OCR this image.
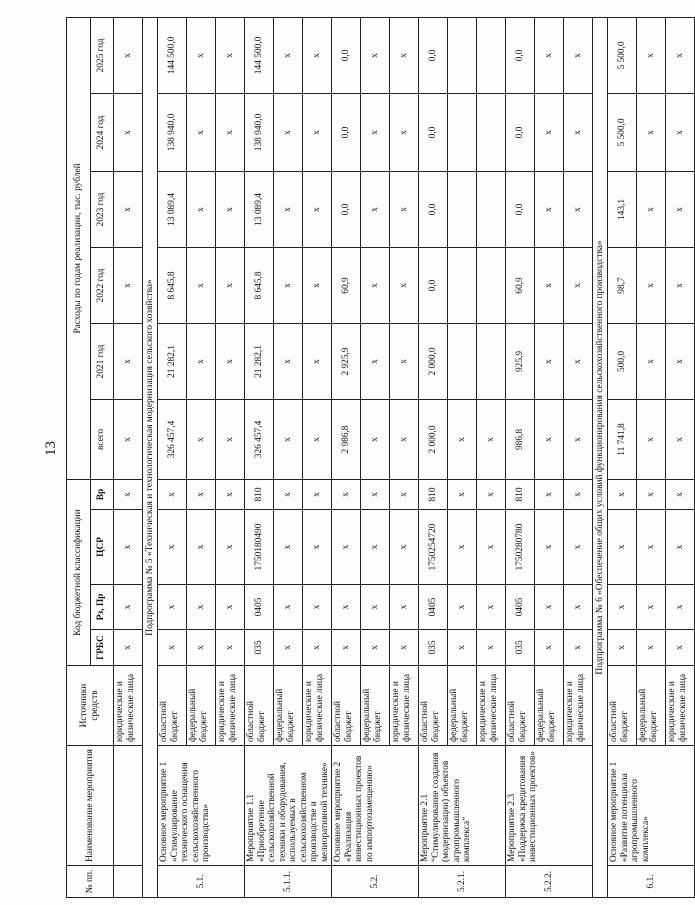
13
№ пп.	Наименование мероприятия	Источники средств	Код бюджетной классификации				Расходы по годам реализации, тыс. рублей					
			ГРБС	Рз, Пр	ЦСР	Вр	всего	2021 год	2022 год	2023 год	2024 год	2025 год
		юридические и физические лица	x	x	x	x	x	x	x	x	x	x
Подпрограмма № 5 «Техническая и технологическая модернизация сельского хозяйства»												
5.1.	Основное мероприятие 1 «Стимулирование технического оснащения сельскохозяйственного производства»	областной бюджет	x	x	x	x	326 457,4	21 282,1	8 645,8	13 089,4	138 940,0	144 500,0
		федеральный бюджет	x	x	x	x	x	x	x	x	x	x
		юридические и физические лица	x	x	x	x	x	x	x	x	x	x
5.1.1.	Мероприятие 1.1 «Приобретение сельскохозяйственной техники и оборудования, используемых в сельскохозяйственном производстве и мелиоративной технике»	областной бюджет	035	0405	1750180490	810	326 457,4	21 282,1	8 645,8	13 089,4	138 940,0	144 500,0
		федеральный бюджет	x	x	x	x	x	x	x	x	x	x
		юридические и физические лица	x	x	x	x	x	x	x	x	x	x
5.2.	Основное мероприятие 2 «Реализация инвестиционных проектов по импортозамещению»	областной бюджет	x	x	x	x	2 986,8	2 925,9	60,9	0,0	0,0	0,0
		федеральный бюджет	x	x	x	x	x	x	x	x	x	x
		юридические и физические лица	x	x	x	x	x	x	x	x	x	x
5.2.1.	Мероприятие 2.1 “Стимулирование создания (модернизации) объектов агропромышленного комплекса”	областной бюджет	035	0405	1750254720	810	2 000,0	2 000,0	0,0	0,0	0,0	0,0
		федеральный бюджет	x	x	x	x	x					
		юридические и физические лица	x	x	x	x	x					
5.2.2.	Мероприятие 2.3 «Поддержка кредитования инвестиционных проектов»	областной бюджет	035	0405	1750280780	810	986,8	925,9	60,9	0,0	0,0	0,0
		федеральный бюджет	x	x	x	x	x	x	x	x	x	x
		юридические и физические лица	x	x	x	x	x	x	x	x	x	x
Подпрограмма № 6 «Обеспечение общих условий функционирования сельскохозяйственного производства»												
6.1.	Основное мероприятие 1 «Развитие потенциала агропромышленного комплекса»	областной бюджет	x	x	x	x	11 741,8	500,0	98,7	143,1	5 500,0	5 500,0
		федеральный бюджет	x	x	x	x	x	x	x	x	x	x
		юридические и физические лица	x	x	x	x	x	x	x	x	x	x
